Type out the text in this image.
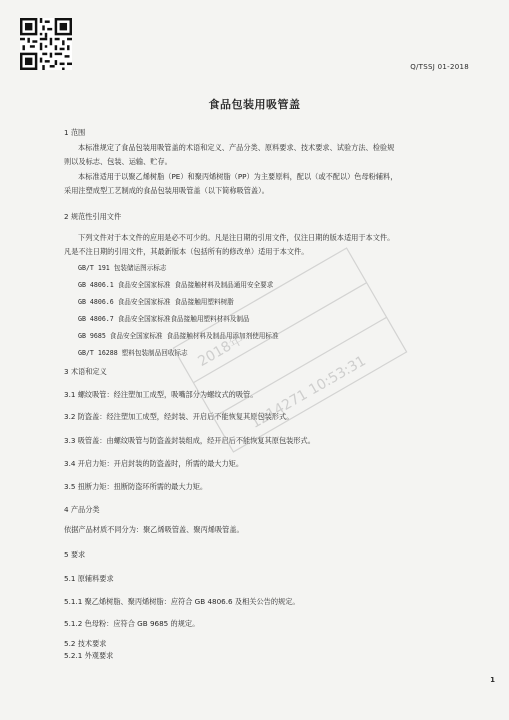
Q/TSSJ 01-2018
食品包装用吸管盖
1 范围
本标准规定了食品包装用吸管盖的术语和定义、产品分类、原料要求、技术要求、试验方法、检验规
则以及标志、包装、运输、贮存。
本标准适用于以聚乙烯树脂（PE）和聚丙烯树脂（PP）为主要原料，配以（或不配以）色母粉辅料，
采用注塑成型工艺制成的食品包装用吸管盖（以下简称吸管盖）。
2 规范性引用文件
下列文件对于本文件的应用是必不可少的。凡是注日期的引用文件，仅注日期的版本适用于本文件。
凡是不注日期的引用文件，其最新版本（包括所有的修改单）适用于本文件。
GB/T 191 包装储运图示标志
GB 4806.1 食品安全国家标准 食品接触材料及制品通用安全要求
GB 4806.6 食品安全国家标准 食品接触用塑料树脂
GB 4806.7 食品安全国家标准食品接触用塑料材料及制品
GB 9685 食品安全国家标准 食品接触材料及制品用添加剂使用标准
GB/T 16288 塑料包装制品回收标志
3 术语和定义
3.1 螺纹吸管：经注塑加工成型，吸嘴部分为螺纹式的吸管。
3.2 防盗盖：经注塑加工成型，经封装、开启后不能恢复其原包装形式。
3.3 吸管盖：由螺纹吸管与防盗盖封装组成，经开启后不能恢复其原包装形式。
3.4 开启力矩：开启封装的防盗盖时，所需的最大力矩。
3.5 扭断力矩：扭断防盗环所需的最大力矩。
4 产品分类
依据产品材质不同分为：聚乙烯吸管盖、聚丙烯吸管盖。
5 要求
5.1 原辅料要求
5.1.1 聚乙烯树脂、聚丙烯树脂：应符合 GB 4806.6 及相关公告的规定。
5.1.2 色母粉：应符合 GB 9685 的规定。
5.2 技术要求
5.2.1 外观要求
2018年
1214271 10:53:31
1
